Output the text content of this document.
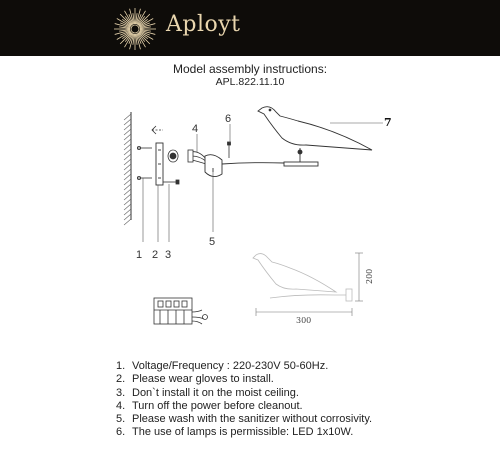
Aployt
Model assembly instructions:
APL.822.11.10
1 2 3
4
5
6	7
300
200
1. Voltage/Frequency : 220-230V 50-60Hz.
2. Please wear gloves to install.
3. Don`t install it on the moist ceiling.
4. Turn off the power before cleanout.
5. Please wash with the sanitizer without corrosivity.
6. The use of lamps is permissible: LED 1x10W.
